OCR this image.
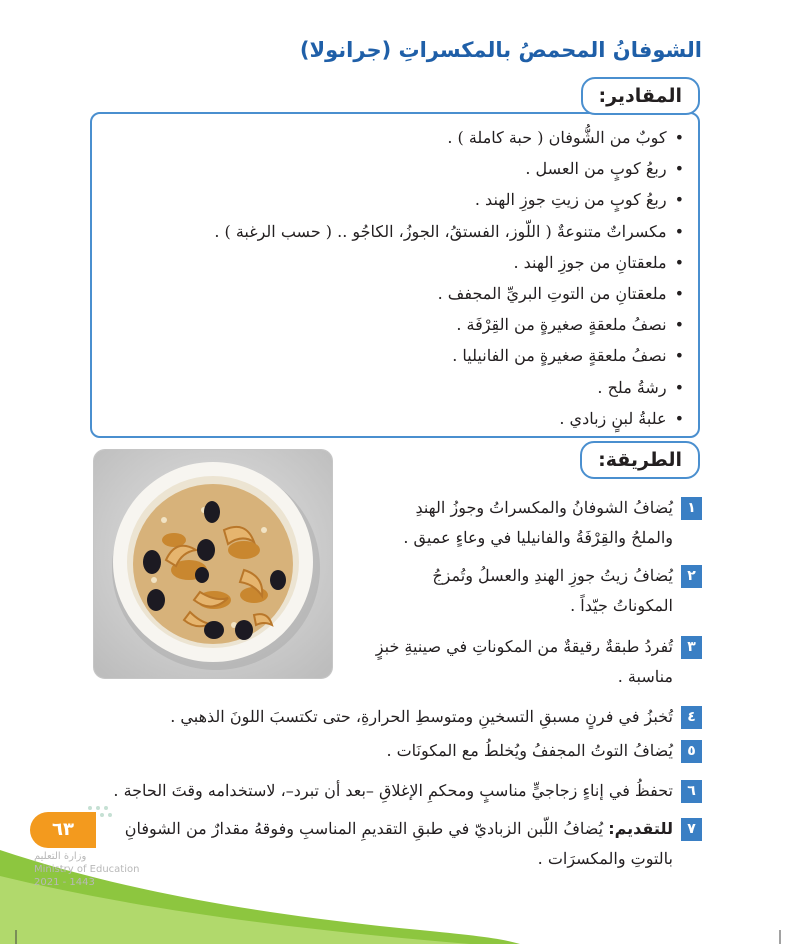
الشوفانُ المحمصُ بالمكسراتِ (جرانولا)
المقادير:
• كوبٌ من الشُّوفان ( حبة كاملة ) .
• ربعُ كوبٍ من العسل .
• ربعُ كوبٍ من زيتِ جوزِ الهند .
• مكسراتٌ متنوعةٌ ( اللّوز، الفستقُ، الجوزُ، الكاجُو .. ( حسب الرغبة ) .
• ملعقتانِ من جوزِ الهند .
• ملعقتانِ من التوتِ البريِّ المجفف .
• نصفُ ملعقةٍ صغيرةٍ من القِرْفَة .
• نصفُ ملعقةٍ صغيرةٍ من الفانيليا .
• رشةُ ملح .
• علبةُ لبنٍ زبادي .
الطريقة:
١يُضافُ الشوفانُ والمكسراتُ وجوزُ الهندِ
والملحُ والقِرْفَةُ والفانيليا في وعاءٍ عميق .
٢يُضافُ زيتُ جوزِ الهندِ والعسلُ وتُمزجُ
المكوناتُ جيّداً .
٣تُفردُ طبقةٌ رقيقةٌ من المكوناتِ في صينيةِ خبزٍ
مناسبة .
٤تُخبزُ في فرنٍ مسبقِ التسخينِ ومتوسطِ الحرارةِ، حتى تكتسبَ اللونَ الذهبي .
٥يُضافُ التوتُ المجففُ ويُخلطُ مع المكونَات .
٦تحفظُ في إناءٍ زجاجيٍّ مناسبٍ ومحكمِ الإغلاقِ –بعد أن تبرد–، لاستخدامه وقتَ الحاجة .
٧للتقديم: يُضافُ اللّبن الزباديّ في طبقِ التقديمِ المناسبِ وفوقهُ مقدارٌ من الشوفانِ
بالتوتِ والمكسرَات .
٦٣
وزارة التعليم
Ministry of Education
2021 - 1443
